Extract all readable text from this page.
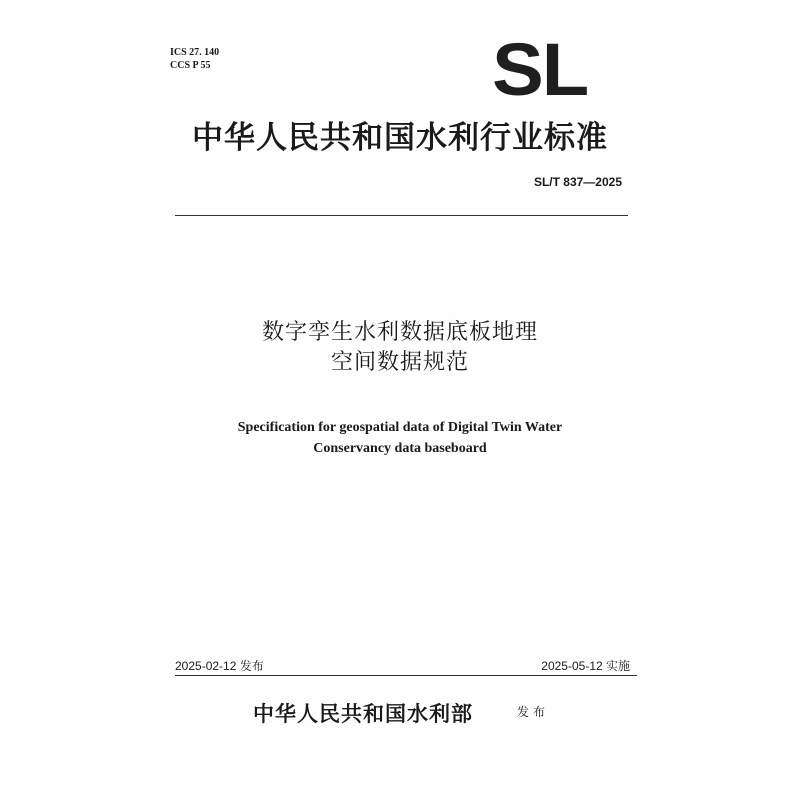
ICS 27. 140
CCS P 55	SL
中华人民共和国水利行业标准
SL/T 837—2025
数字孪生水利数据底板地理
空间数据规范
Specification for geospatial data of Digital Twin Water
Conservancy data baseboard
2025-02-12 发布	2025-05-12 实施
中华人民共和国水利部	发布
